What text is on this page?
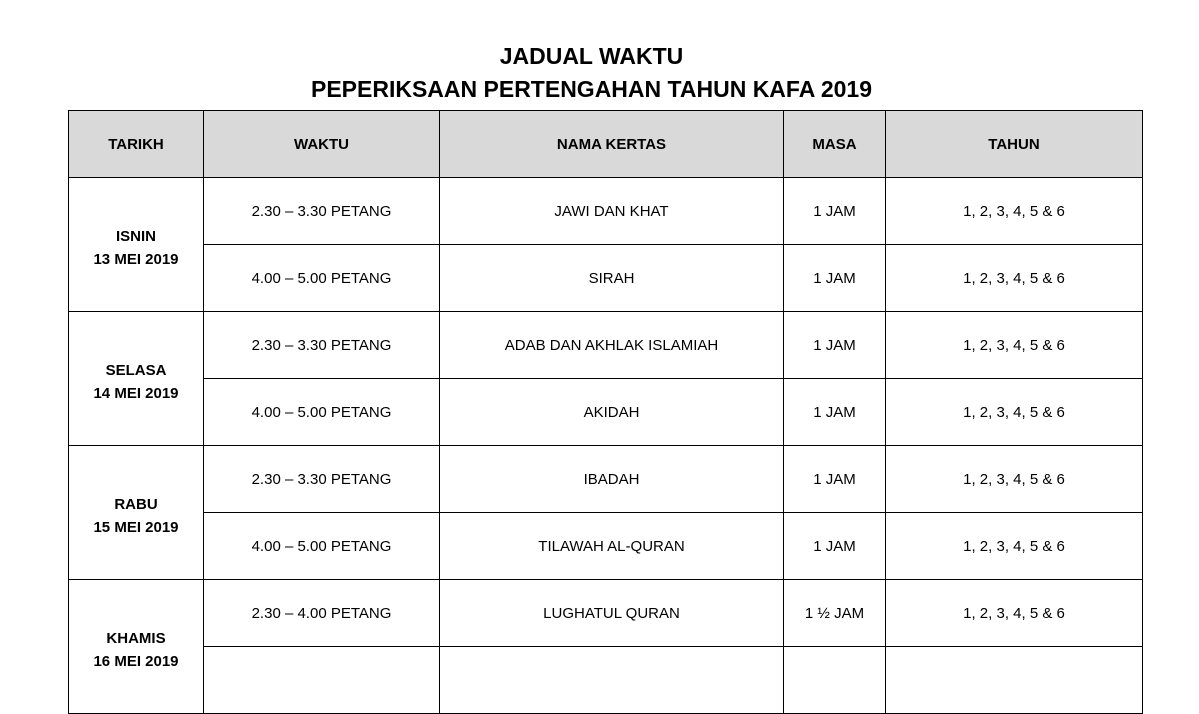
JADUAL WAKTU
PEPERIKSAAN PERTENGAHAN TAHUN KAFA 2019
TARIKH	WAKTU	NAMA KERTAS	MASA	TAHUN

ISNIN
13 MEI 2019	2.30 – 3.30 PETANG	JAWI DAN KHAT	1 JAM	1, 2, 3, 4, 5 & 6
	4.00 – 5.00 PETANG	SIRAH	1 JAM	1, 2, 3, 4, 5 & 6

SELASA
14 MEI 2019	2.30 – 3.30 PETANG	ADAB DAN AKHLAK ISLAMIAH	1 JAM	1, 2, 3, 4, 5 & 6
	4.00 – 5.00 PETANG	AKIDAH	1 JAM	1, 2, 3, 4, 5 & 6

RABU
15 MEI 2019	2.30 – 3.30 PETANG	IBADAH	1 JAM	1, 2, 3, 4, 5 & 6
	4.00 – 5.00 PETANG	TILAWAH AL-QURAN	1 JAM	1, 2, 3, 4, 5 & 6

KHAMIS
16 MEI 2019	2.30 – 4.00 PETANG	LUGHATUL QURAN	1 ½ JAM	1, 2, 3, 4, 5 & 6
